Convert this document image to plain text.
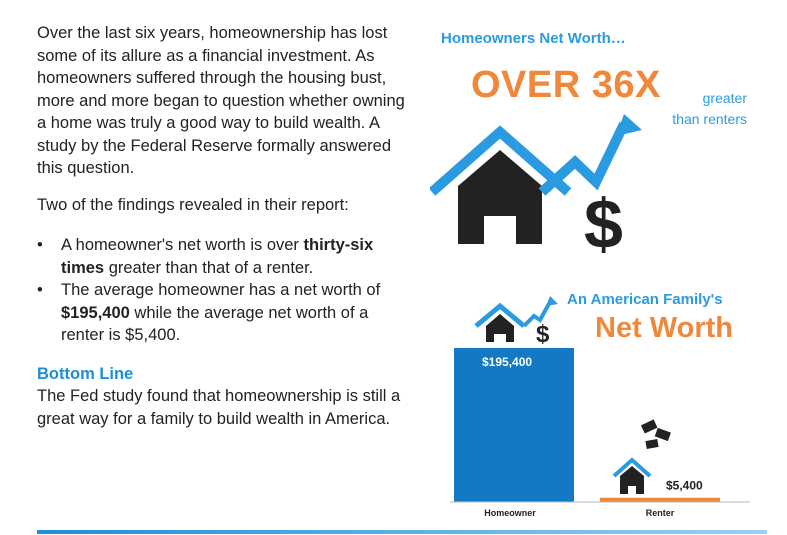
Over the last six years, homeownership has lost some of its allure as a financial investment. As homeowners suffered through the housing bust, more and more began to question whether owning a home was truly a good way to build wealth. A study by the Federal Reserve formally answered this question.

Two of the findings revealed in their report:

• A homeowner's net worth is over thirty-six times greater than that of a renter.
• The average homeowner has a net worth of $195,400 while the average net worth of a renter is $5,400.
Bottom Line

The Fed study found that homeownership is still a great way for a family to build wealth in America.

Homeowners Net Worth…
OVER 36X	greater
than renters
$
An American Family's
Net Worth
$
$195,400
Homeowner
$5,400
Renter
